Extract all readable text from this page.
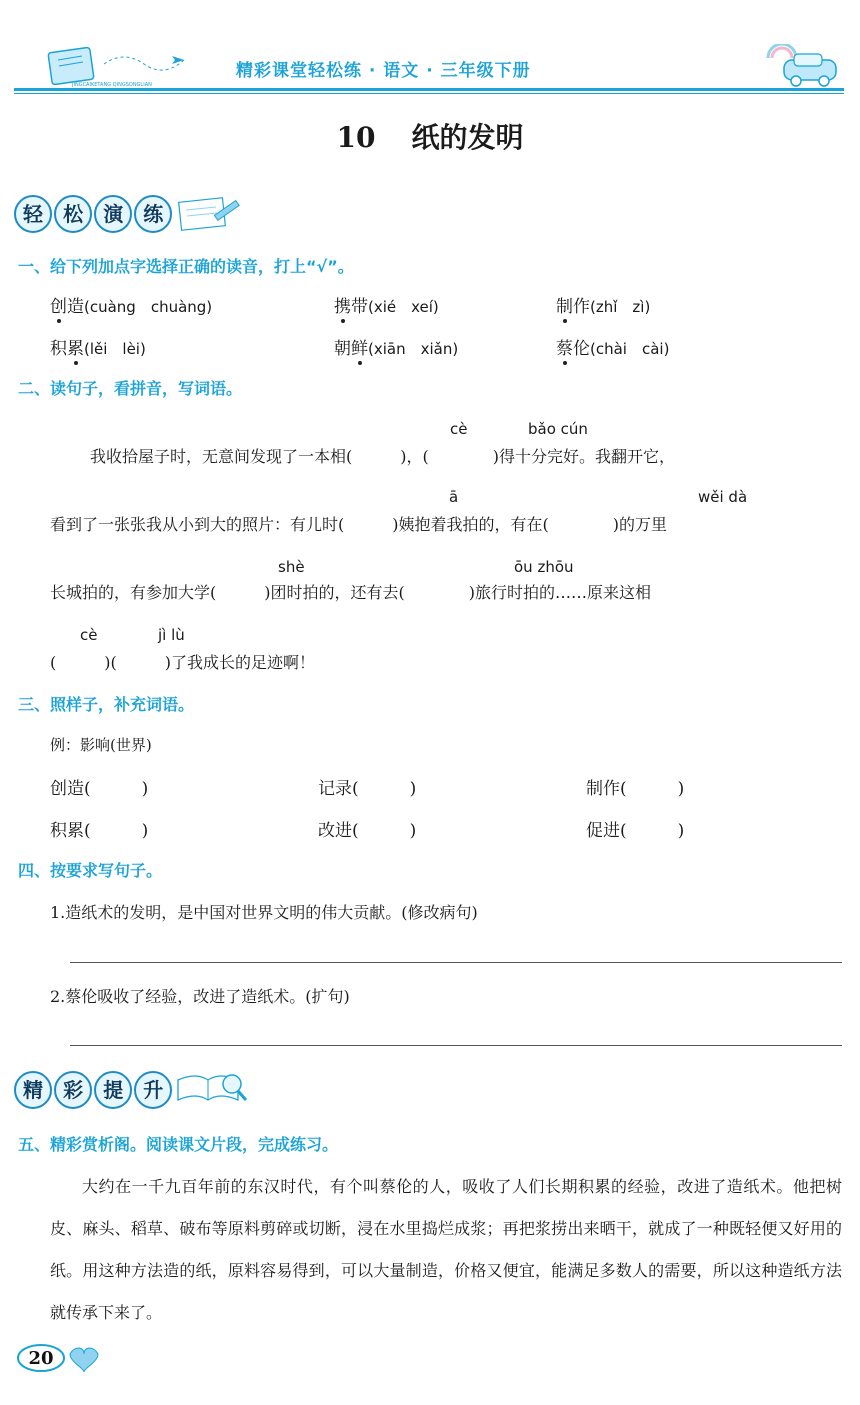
JINGCAIKETANG QINGSONGLIAN
精彩课堂轻松练 · 语文 · 三年级下册
10 纸的发明
轻 松 演 练
一、给下列加点字选择正确的读音，打上“√”。
创造(cuàng　chuàng)	携带(xié　xeí)	制作(zhǐ　zì)
积累(lěi　lèi)	朝鲜(xiān　xiǎn)	蔡伦(chài　cài)
二、读句子，看拼音，写词语。
cè	bǎo cún
我收拾屋子时，无意间发现了一本相(　　　)，(　　　　)得十分完好。我翻开它，
ā	wěi dà
看到了一张张我从小到大的照片：有儿时(　　　)姨抱着我拍的，有在(　　　　)的万里
shè	ōu zhōu
长城拍的，有参加大学(　　　)团时拍的，还有去(　　　　)旅行时拍的……原来这相
cè	jì lù
(　　　)(　　　)了我成长的足迹啊！
三、照样子，补充词语。
例：影响(世界)
创造(　　　)	记录(　　　)	制作(　　　)
积累(　　　)	改进(　　　)	促进(　　　)
四、按要求写句子。
1.造纸术的发明，是中国对世界文明的伟大贡献。(修改病句)
2.蔡伦吸收了经验，改进了造纸术。(扩句)
精 彩 提 升
五、精彩赏析阁。阅读课文片段，完成练习。

大约在一千九百年前的东汉时代，有个叫蔡伦的人，吸收了人们长期积累的经验，改进了造纸术。他把树皮、麻头、稻草、破布等原料剪碎或切断，浸在水里捣烂成浆；再把浆捞出来晒干，就成了一种既轻便又好用的纸。用这种方法造的纸，原料容易得到，可以大量制造，价格又便宜，能满足多数人的需要，所以这种造纸方法就传承下来了。

20
